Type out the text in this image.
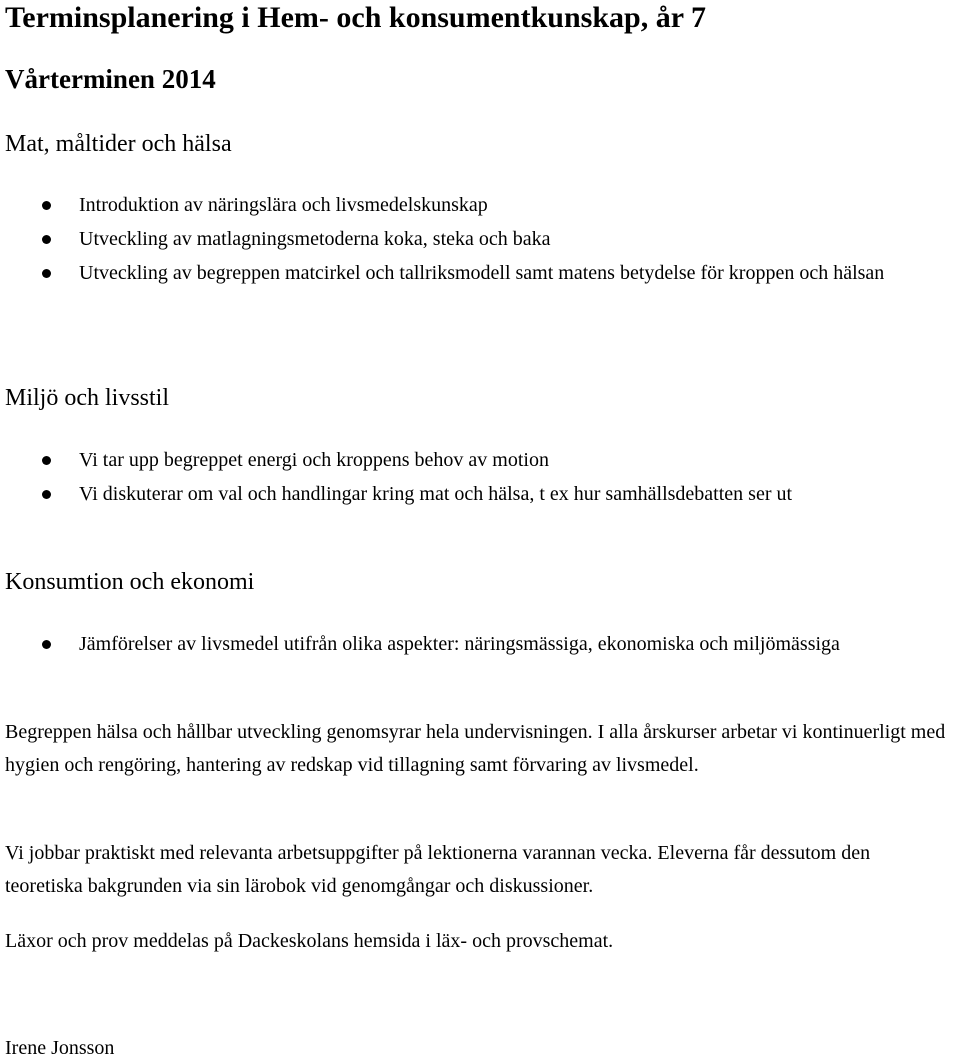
Terminsplanering i Hem- och konsumentkunskap, år 7
Vårterminen 2014
Mat, måltider och hälsa
Introduktion av näringslära och livsmedelskunskap
Utveckling av matlagningsmetoderna koka, steka och baka
Utveckling av begreppen matcirkel och tallriksmodell samt matens betydelse för kroppen och hälsan
Miljö och livsstil
Vi tar upp begreppet energi och kroppens behov av motion
Vi diskuterar om val och handlingar kring mat och hälsa, t ex hur samhällsdebatten ser ut
Konsumtion och ekonomi
Jämförelser av livsmedel utifrån olika aspekter: näringsmässiga, ekonomiska och miljömässiga

Begreppen hälsa och hållbar utveckling genomsyrar hela undervisningen. I alla årskurser arbetar vi kontinuerligt med hygien och rengöring, hantering av redskap vid tillagning samt förvaring av livsmedel.

Vi jobbar praktiskt med relevanta arbetsuppgifter på lektionerna varannan vecka. Eleverna får dessutom den teoretiska bakgrunden via sin lärobok vid genomgångar och diskussioner.

Läxor och prov meddelas på Dackeskolans hemsida i läx- och provschemat.

Irene Jonsson
